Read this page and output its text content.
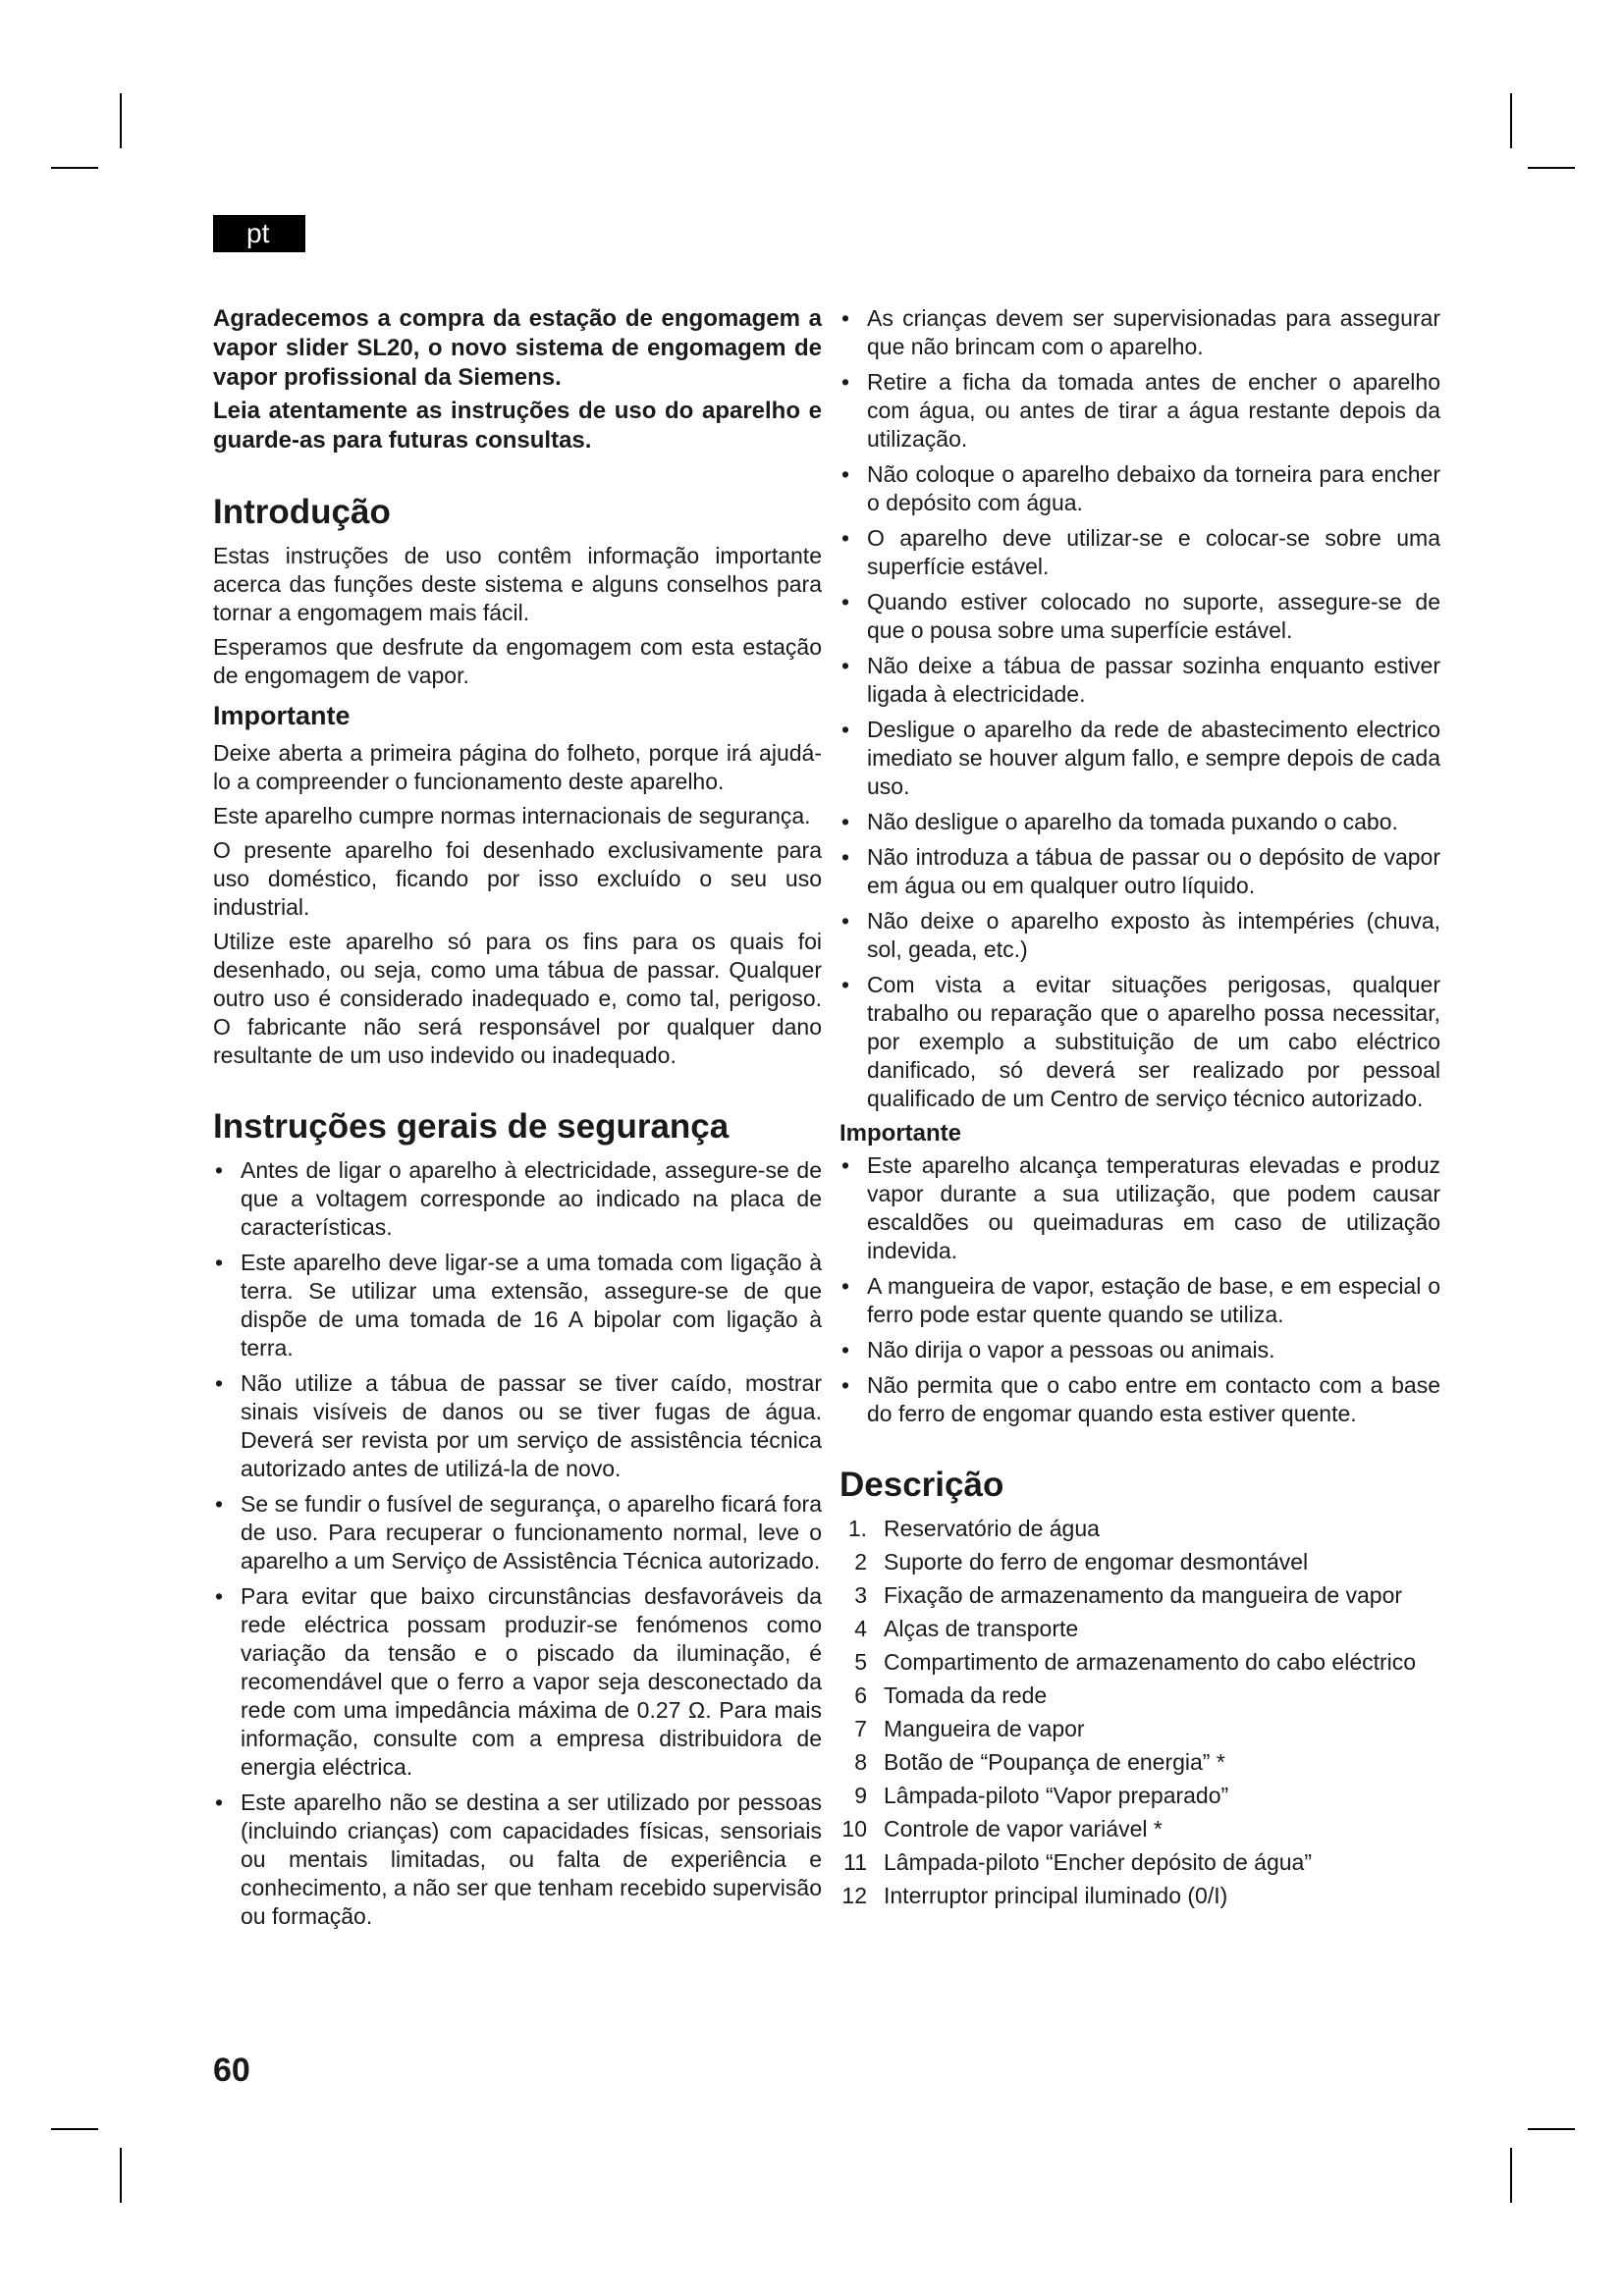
pt

Agradecemos a compra da estação de engomagem a vapor slider SL20, o novo sistema de engomagem de vapor profissional da Siemens.

Leia atentamente as instruções de uso do aparelho e guarde-as para futuras consultas.

Introdução

Estas instruções de uso contêm informação importante acerca das funções deste sistema e alguns conselhos para tornar a engomagem mais fácil.

Esperamos que desfrute da engomagem com esta estação de engomagem de vapor.

Importante

Deixe aberta a primeira página do folheto, porque irá ajudá-lo a compreender o funcionamento deste aparelho.

Este aparelho cumpre normas internacionais de segurança.

O presente aparelho foi desenhado exclusivamente para uso doméstico, ficando por isso excluído o seu uso industrial.

Utilize este aparelho só para os fins para os quais foi desenhado, ou seja, como uma tábua de passar. Qualquer outro uso é considerado inadequado e, como tal, perigoso. O fabricante não será responsável por qualquer dano resultante de um uso indevido ou inadequado.

Instruções gerais de segurança
• Antes de ligar o aparelho à electricidade, assegure-se de que a voltagem corresponde ao indicado na placa de características.
• Este aparelho deve ligar-se a uma tomada com ligação à terra. Se utilizar uma extensão, assegure-se de que dispõe de uma tomada de 16 A bipolar com ligação à terra.
• Não utilize a tábua de passar se tiver caído, mostrar sinais visíveis de danos ou se tiver fugas de água. Deverá ser revista por um serviço de assistência técnica autorizado antes de utilizá-la de novo.
• Se se fundir o fusível de segurança, o aparelho ficará fora de uso. Para recuperar o funcionamento normal, leve o aparelho a um Serviço de Assistência Técnica autorizado.
• Para evitar que baixo circunstâncias desfavoráveis da rede eléctrica possam produzir-se fenómenos como variação da tensão e o piscado da iluminação, é recomendável que o ferro a vapor seja desconectado da rede com uma impedância máxima de 0.27 Ω. Para mais informação, consulte com a empresa distribuidora de energia eléctrica.
• Este aparelho não se destina a ser utilizado por pessoas (incluindo crianças) com capacidades físicas, sensoriais ou mentais limitadas, ou falta de experiência e conhecimento, a não ser que tenham recebido supervisão ou formação.
• As crianças devem ser supervisionadas para assegurar que não brincam com o aparelho.
• Retire a ficha da tomada antes de encher o aparelho com água, ou antes de tirar a água restante depois da utilização.
• Não coloque o aparelho debaixo da torneira para encher o depósito com água.
• O aparelho deve utilizar-se e colocar-se sobre uma superfície estável.
• Quando estiver colocado no suporte, assegure-se de que o pousa sobre uma superfície estável.
• Não deixe a tábua de passar sozinha enquanto estiver ligada à electricidade.
• Desligue o aparelho da rede de abastecimento electrico imediato se houver algum fallo, e sempre depois de cada uso.
• Não desligue o aparelho da tomada puxando o cabo.
• Não introduza a tábua de passar ou o depósito de vapor em água ou em qualquer outro líquido.
• Não deixe o aparelho exposto às intempéries (chuva, sol, geada, etc.)
• Com vista a evitar situações perigosas, qualquer trabalho ou reparação que o aparelho possa necessitar, por exemplo a substituição de um cabo eléctrico danificado, só deverá ser realizado por pessoal qualificado de um Centro de serviço técnico autorizado.
Importante
• Este aparelho alcança temperaturas elevadas e produz vapor durante a sua utilização, que podem causar escaldões ou queimaduras em caso de utilização indevida.
• A mangueira de vapor, estação de base, e em especial o ferro pode estar quente quando se utiliza.
• Não dirija o vapor a pessoas ou animais.
• Não permita que o cabo entre em contacto com a base do ferro de engomar quando esta estiver quente.
Descrição
1. Reservatório de água
2 Suporte do ferro de engomar desmontável
3 Fixação de armazenamento da mangueira de vapor
4 Alças de transporte
5 Compartimento de armazenamento do cabo eléctrico
6 Tomada da rede
7 Mangueira de vapor
8 Botão de “Poupança de energia” *
9 Lâmpada-piloto “Vapor preparado”
10 Controle de vapor variável *
11 Lâmpada-piloto “Encher depósito de água”
12 Interruptor principal iluminado (0/I)
60
